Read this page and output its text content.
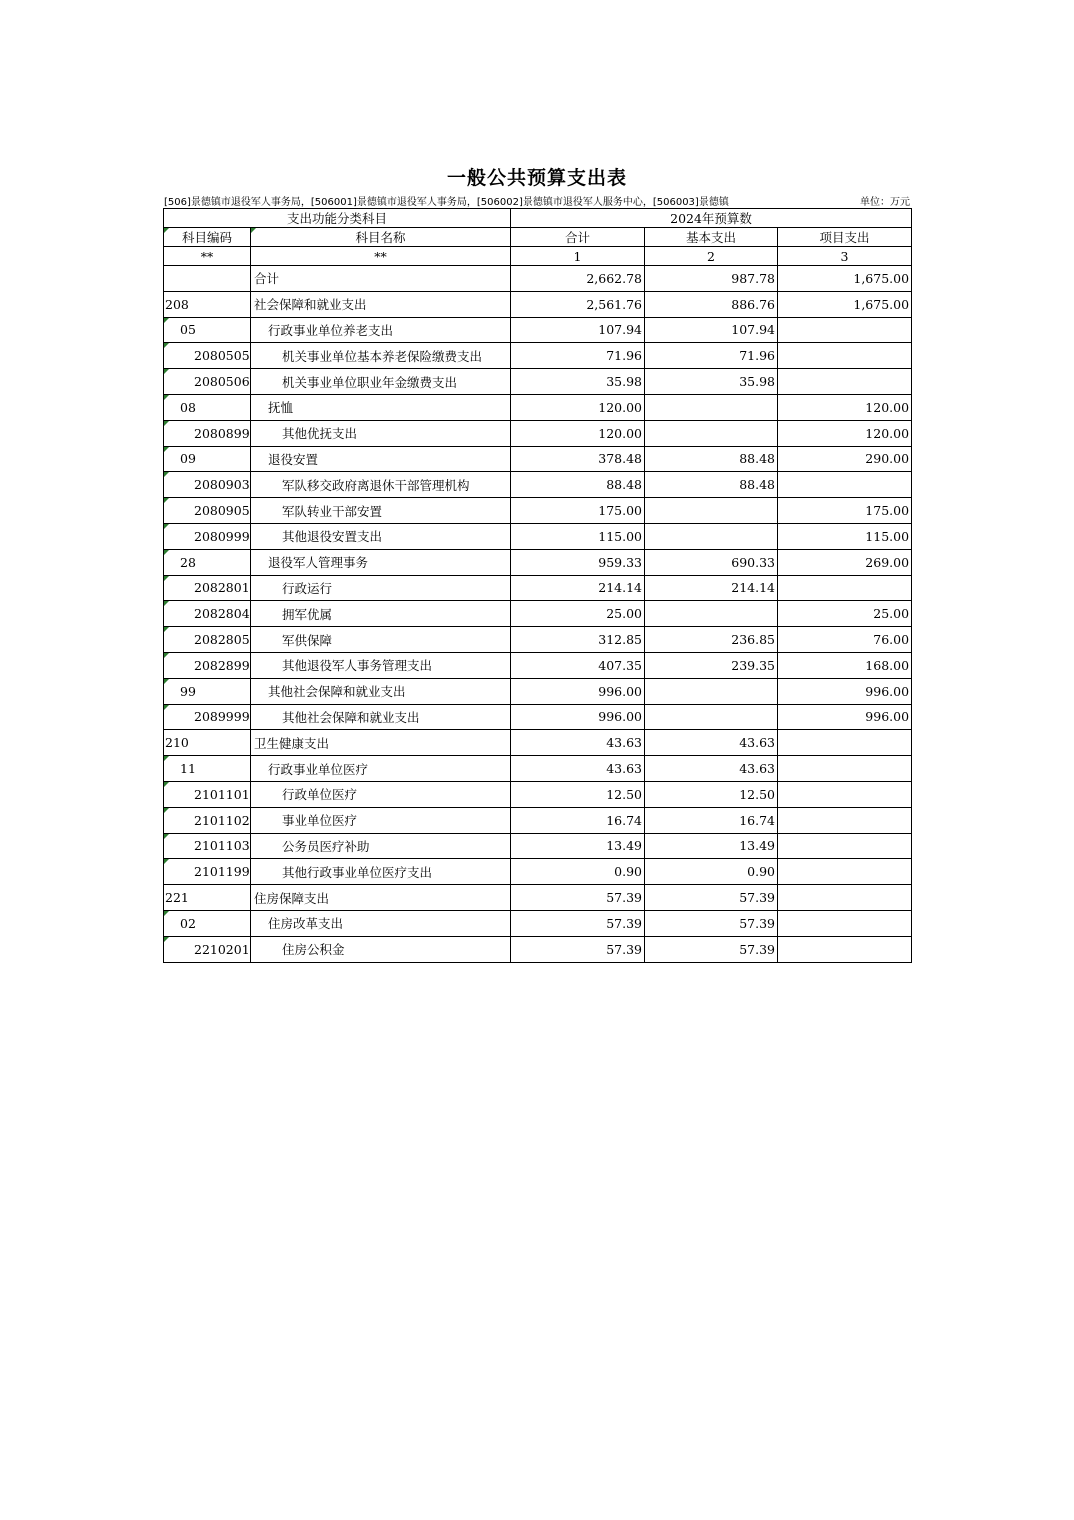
一般公共预算支出表
[506]景德镇市退役军人事务局，[506001]景德镇市退役军人事务局，[506002]景德镇市退役军人服务中心，[506003]景德镇	单位：万元
支出功能分类科目		2024年预算数		

科目编码	科目名称	合计	基本支出	项目支出
**	**	1	2	3
	合计	2,662.78	987.78	1,675.00
208	社会保障和就业支出	2,561.76	886.76	1,675.00

05	行政事业单位养老支出	107.94	107.94	

2080505	机关事业单位基本养老保险缴费支出	71.96	71.96	

2080506	机关事业单位职业年金缴费支出	35.98	35.98	

08	抚恤	120.00		120.00

2080899	其他优抚支出	120.00		120.00

09	退役安置	378.48	88.48	290.00

2080903	军队移交政府离退休干部管理机构	88.48	88.48	

2080905	军队转业干部安置	175.00		175.00

2080999	其他退役安置支出	115.00		115.00

28	退役军人管理事务	959.33	690.33	269.00

2082801	行政运行	214.14	214.14	

2082804	拥军优属	25.00		25.00

2082805	军供保障	312.85	236.85	76.00

2082899	其他退役军人事务管理支出	407.35	239.35	168.00

99	其他社会保障和就业支出	996.00		996.00

2089999	其他社会保障和就业支出	996.00		996.00
210	卫生健康支出	43.63	43.63	

11	行政事业单位医疗	43.63	43.63	

2101101	行政单位医疗	12.50	12.50	

2101102	事业单位医疗	16.74	16.74	

2101103	公务员医疗补助	13.49	13.49	

2101199	其他行政事业单位医疗支出	0.90	0.90	
221	住房保障支出	57.39	57.39	

02	住房改革支出	57.39	57.39	

2210201	住房公积金	57.39	57.39	
